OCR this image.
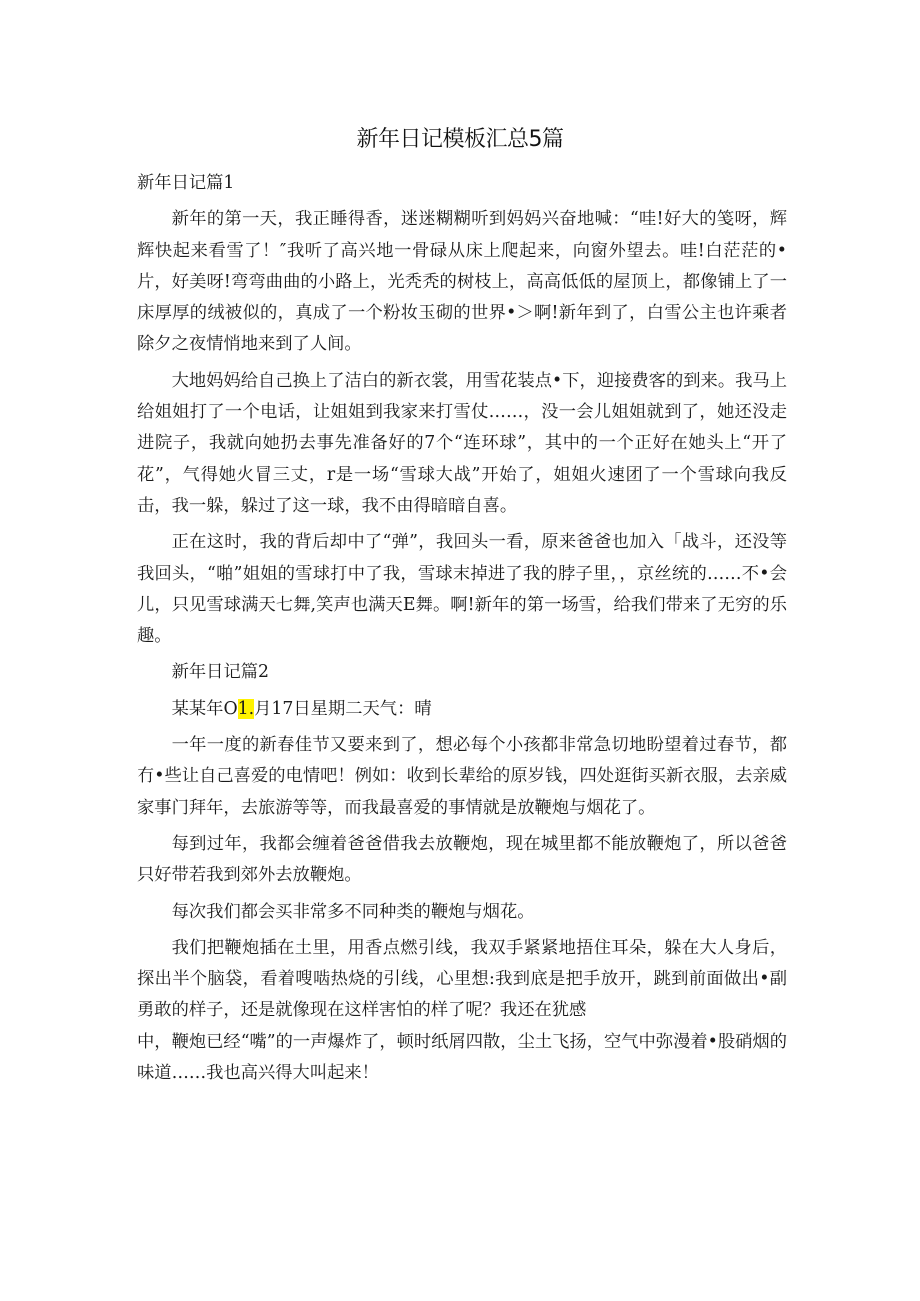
新年日记模板汇总5篇

新年日记篇1

新年的第一天，我正睡得香，迷迷糊糊听到妈妈兴奋地喊：“哇!好大的笺呀，辉辉快起来看雪了！″我听了高兴地一骨碌从床上爬起来，向窗外望去。哇!白茫茫的•片，好美呀!弯弯曲曲的小路上，光秃秃的树枝上，高高低低的屋顶上，都像铺上了一床厚厚的绒被似的，真成了一个粉妆玉砌的世界•＞啊!新年到了，白雪公主也许乘者除夕之夜情悄地来到了人间。

大地妈妈给自己换上了洁白的新衣裳，用雪花装点•下，迎接费客的到来。我马上给姐姐打了一个电话，让姐姐到我家来打雪仗……，没一会儿姐姐就到了，她还没走进院子，我就向她扔去事先准备好的7个“连环球”，其中的一个正好在她头上“开了花”，气得她火冒三丈，r是一场“雪球大战”开始了，姐姐火速团了一个雪球向我反击，我一躲，躲过了这一球，我不由得暗暗自喜。

正在这时，我的背后却中了“弹”，我回头一看，原来爸爸也加入「战斗，还没等我回头，“啪”姐姐的雪球打中了我，雪球末掉进了我的脖子里，，京丝统的……不•会儿，只见雪球满天七舞,笑声也满天E舞。啊!新年的第一场雪，给我们带来了无穷的乐趣。

新年日记篇2

某某年O1.月17日星期二天气：晴

一年一度的新春佳节又要来到了，想必每个小孩都非常急切地盼望着过春节，都冇•些让自己喜爱的电情吧！例如：收到长辈给的原岁钱，四处逛街买新衣服，去亲威家事门拜年，去旅游等等，而我最喜爱的事情就是放鞭炮与烟花了。

每到过年，我都会缠着爸爸借我去放鞭炮，现在城里都不能放鞭炮了，所以爸爸只好带若我到郊外去放鞭炮。

每次我们都会买非常多不同种类的鞭炮与烟花。

我们把鞭炮插在土里，用香点燃引线，我双手紧紧地捂住耳朵，躲在大人身后，探出半个脑袋，看着嗖啮热烧的引线，心里想:我到底是把手放开，跳到前面做出•副勇敢的样子，还是就像现在这样害怕的样了呢？我还在犹感

中，鞭炮已经“嘴”的一声爆炸了，顿时纸屑四散，尘土飞扬，空气中弥漫着•股硝烟的味道……我也高兴得大叫起来！
